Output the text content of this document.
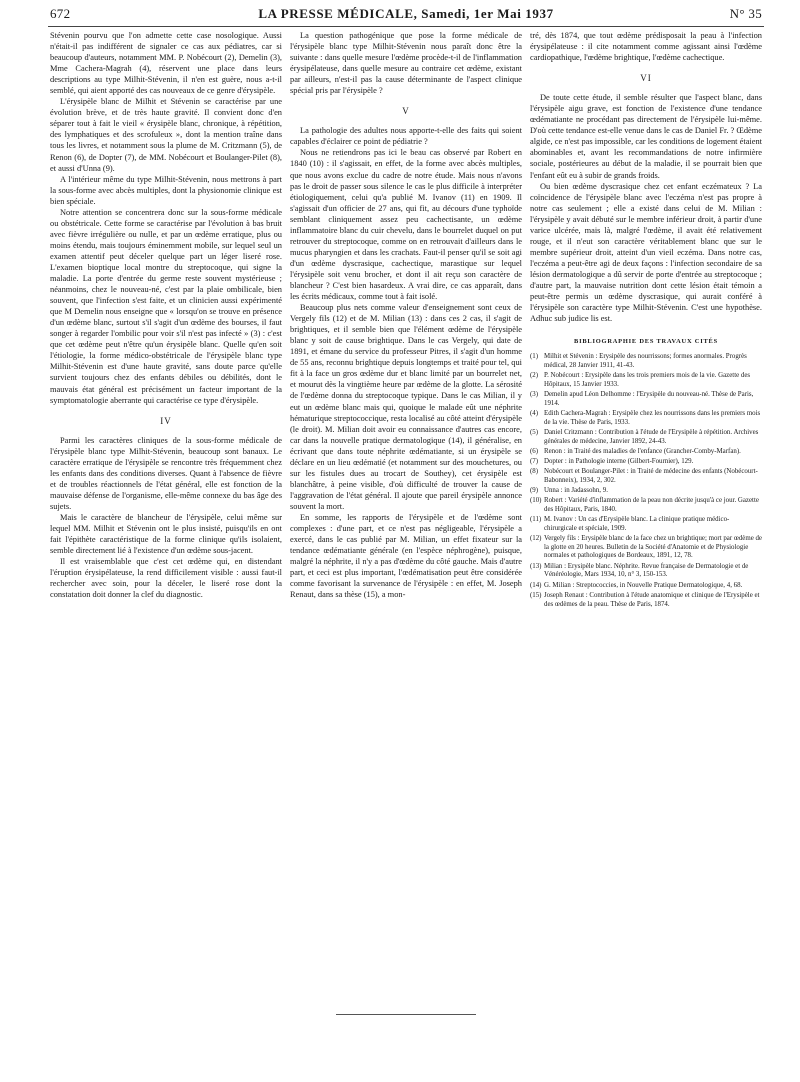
672	LA PRESSE MÉDICALE, Samedi, 1er Mai 1937	N° 35

Stévenin pourvu que l'on admette cette case nosologique. Aussi n'était-il pas indifférent de signaler ce cas aux pédiatres, car si beaucoup d'auteurs, notamment MM. P. Nobécourt (2), Demelin (3), Mme Cachera-Magrah (4), réservent une place dans leurs descriptions au type Milhit-Stévenin, il n'en est guère, nous a-t-il semblé, qui aient apporté des cas nouveaux de ce genre d'érysipèle.

L'érysipèle blanc de Milhit et Stévenin se caractérise par une évolution brève, et de très haute gravité. Il convient donc d'en séparer tout à fait le vieil « érysipèle blanc, chronique, à répétition, des lymphatiques et des scrofuleux », dont la mention traîne dans tous les livres, et notamment sous la plume de M. Critzmann (5), de Renon (6), de Dopter (7), de MM. Nobécourt et Boulanger-Pilet (8), et aussi d'Unna (9).

A l'intérieur même du type Milhit-Stévenin, nous mettrons à part la sous-forme avec abcès multiples, dont la physionomie clinique est bien spéciale.

Notre attention se concentrera donc sur la sous-forme médicale ou obstétricale. Cette forme se caractérise par l'évolution à bas bruit avec fièvre irrégulière ou nulle, et par un œdème erratique, plus ou moins étendu, mais toujours éminemment mobile, sur lequel seul un examen attentif peut déceler quelque part un léger liseré rose. L'examen bioptique local montre du streptocoque, qui signe la maladie. La porte d'entrée du germe reste souvent mystérieuse ; néanmoins, chez le nouveau-né, c'est par la plaie ombilicale, bien souvent, que l'infection s'est faite, et un clinicien aussi expérimenté que M Demelin nous enseigne que « lorsqu'on se trouve en présence d'un œdème blanc, surtout s'il s'agit d'un œdème des bourses, il faut songer à regarder l'ombilic pour voir s'il n'est pas infecté » (3) : c'est que cet œdème peut n'être qu'un érysipèle blanc. Quelle qu'en soit l'étiologie, la forme médico-obstétricale de l'érysipèle blanc type Milhit-Stévenin est d'une haute gravité, sans doute parce qu'elle survient toujours chez des enfants débiles ou débilités, dont le mauvais état général est précisément un facteur important de la symptomatologie aberrante qui caractérise ce type d'érysipèle.

IV

Parmi les caractères cliniques de la sous-forme médicale de l'érysipèle blanc type Milhit-Stévenin, beaucoup sont banaux. Le caractère erratique de l'érysipèle se rencontre très fréquemment chez les enfants dans des conditions diverses. Quant à l'absence de fièvre et de troubles réactionnels de l'état général, elle est fonction de la mauvaise défense de l'organisme, elle-même connexe du bas âge des sujets.

Mais le caractère de blancheur de l'érysipèle, celui même sur lequel MM. Milhit et Stévenin ont le plus insisté, puisqu'ils en ont fait l'épithète caractéristique de la forme clinique qu'ils isolaient, semble directement lié à l'existence d'un œdème sous-jacent.

Il est vraisemblable que c'est cet œdème qui, en distendant l'éruption érysipélateuse, la rend difficilement visible : aussi faut-il rechercher avec soin, pour la déceler, le liseré rose dont la constatation doit donner la clef du diagnostic.

La question pathogénique que pose la forme médicale de l'érysipèle blanc type Milhit-Stévenin nous paraît donc être la suivante : dans quelle mesure l'œdème procède-t-il de l'inflammation érysipélateuse, dans quelle mesure au contraire cet œdème, existant par ailleurs, n'est-il pas la cause déterminante de l'aspect clinique spécial pris par l'érysipèle ?

V

La pathologie des adultes nous apporte-t-elle des faits qui soient capables d'éclairer ce point de pédiatrie ?

Nous ne retiendrons pas ici le beau cas observé par Robert en 1840 (10) : il s'agissait, en effet, de la forme avec abcès multiples, que nous avons exclue du cadre de notre étude. Mais nous n'avons pas le droit de passer sous silence le cas le plus difficile à interpréter étiologiquement, celui qu'a publié M. Ivanov (11) en 1909. Il s'agissait d'un officier de 27 ans, qui fit, au décours d'une typhoïde semblant cliniquement assez peu cachectisante, un œdème inflammatoire blanc du cuir chevelu, dans le bourrelet duquel on put retrouver du streptocoque, comme on en retrouvait d'ailleurs dans le mucus pharyngien et dans les crachats. Faut-il penser qu'il se soit agi d'un œdème dyscrasique, cachectique, marastique sur lequel l'érysipèle soit venu brocher, et dont il ait reçu son caractère de blancheur ? C'est bien hasardeux. A vrai dire, ce cas apparaît, dans les écrits médicaux, comme tout à fait isolé.

Beaucoup plus nets comme valeur d'enseignement sont ceux de Vergely fils (12) et de M. Milian (13) : dans ces 2 cas, il s'agit de brightiques, et il semble bien que l'élément œdème de l'érysipèle blanc y soit de cause brightique. Dans le cas Vergely, qui date de 1891, et émane du service du professeur Pitres, il s'agit d'un homme de 55 ans, reconnu brightique depuis longtemps et traité pour tel, qui fit à la face un gros œdème dur et blanc limité par un bourrelet net, et mourut dès la vingtième heure par œdème de la glotte. La sérosité de l'œdème donna du streptocoque typique. Dans le cas Milian, il y eut un œdème blanc mais qui, quoique le malade eût une néphrite hématurique streptococcique, resta localisé au côté atteint d'érysipèle (le droit). M. Milian doit avoir eu connaissance d'autres cas encore, car dans la nouvelle pratique dermatologique (14), il généralise, en écrivant que dans toute néphrite œdématiante, si un érysipèle se déclare en un lieu œdématié (et notamment sur des mouchetures, ou sur les fistules dues au trocart de Southey), cet érysipèle est blanchâtre, à peine visible, d'où difficulté de trouver la cause de l'aggravation de l'état général. Il ajoute que pareil érysipèle annonce souvent la mort.

En somme, les rapports de l'érysipèle et de l'œdème sont complexes : d'une part, et ce n'est pas négligeable, l'érysipèle a exercé, dans le cas publié par M. Milian, un effet fixateur sur la tendance œdématiante générale (en l'espèce néphrogène), puisque, malgré la néphrite, il n'y a pas d'œdème du côté gauche. Mais d'autre part, et ceci est plus important, l'œdématisation peut être considérée comme favorisant la survenance de l'érysipèle : en effet, M. Joseph Renaut, dans sa thèse (15), a mon-

tré, dès 1874, que tout œdème prédisposait la peau à l'infection érysipélateuse : il cite notamment comme agissant ainsi l'œdème cardiopathique, l'œdème brightique, l'œdème cachectique.

VI

De toute cette étude, il semble résulter que l'aspect blanc, dans l'érysipèle aigu grave, est fonction de l'existence d'une tendance œdématiante ne procédant pas directement de l'érysipèle lui-même. D'où cette tendance est-elle venue dans le cas de Daniel Fr. ? Œdème algide, ce n'est pas impossible, car les conditions de logement étaient abominables et, avant les recommandations de notre infirmière sociale, postérieures au début de la maladie, il se pourrait bien que l'enfant eût eu à subir de grands froids.

Ou bien œdème dyscrasique chez cet enfant eczémateux ? La coïncidence de l'érysipèle blanc avec l'eczéma n'est pas propre à notre cas seulement ; elle a existé dans celui de M. Milian : l'érysipèle y avait débuté sur le membre inférieur droit, à partir d'une varice ulcérée, mais là, malgré l'œdème, il avait été relativement rouge, et il n'eut son caractère véritablement blanc que sur le membre supérieur droit, atteint d'un vieil eczéma. Dans notre cas, l'eczéma a peut-être agi de deux façons : l'infection secondaire de sa lésion dermatologique a dû servir de porte d'entrée au streptocoque ; d'autre part, la mauvaise nutrition dont cette lésion était témoin a peut-être permis un œdème dyscrasique, qui aurait conféré à l'érysipèle son caractère type Milhit-Stévenin. C'est une hypothèse. Adhuc sub judice lis est.

BIBLIOGRAPHIE DES TRAVAUX CITÉS
(1) Milhit et Stévenin : Erysipèle des nourrissons; formes anormales. Progrès médical, 28 Janvier 1911, 41-43.
(2) P. Nobécourt : Erysipèle dans les trois premiers mois de la vie. Gazette des Hôpitaux, 15 Janvier 1933.
(3) Demelin apud Léon Delhomme : l'Erysipèle du nouveau-né. Thèse de Paris, 1914.
(4) Edith Cachera-Magrah : Erysipèle chez les nourrissons dans les premiers mois de la vie. Thèse de Paris, 1933.
(5) Daniel Critzmann : Contribution à l'étude de l'Erysipèle à répétition. Archives générales de médecine, Janvier 1892, 24-43.
(6) Renon : in Traité des maladies de l'enfance (Grancher-Comby-Marfan).
(7) Dopter : in Pathologie interne (Gilbert-Fournier), 129.
(8) Nobécourt et Boulanger-Pilet : in Traité de médecine des enfants (Nobécourt-Babonneix), 1934, 2, 302.
(9) Unna : in Jadassohn, 9.
(10) Robert : Variété d'inflammation de la peau non décrite jusqu'à ce jour. Gazette des Hôpitaux, Paris, 1840.
(11) M. Ivanov : Un cas d'Erysipèle blanc. La clinique pratique médico-chirurgicale et spéciale, 1909.
(12) Vergely fils : Erysipèle blanc de la face chez un brightique; mort par œdème de la glotte en 20 heures. Bulletin de la Société d'Anatomie et de Physiologie normales et pathologiques de Bordeaux, 1891, 12, 78.
(13) Milian : Erysipèle blanc. Néphrite. Revue française de Dermatologie et de Vénéréologie, Mars 1934, 10, n° 3, 150-153.
(14) G. Milian : Streptococcies, in Nouvelle Pratique Dermatologique, 4, 68.
(15) Joseph Renaut : Contribution à l'étude anatomique et clinique de l'Erysipèle et des œdèmes de la peau. Thèse de Paris, 1874.
